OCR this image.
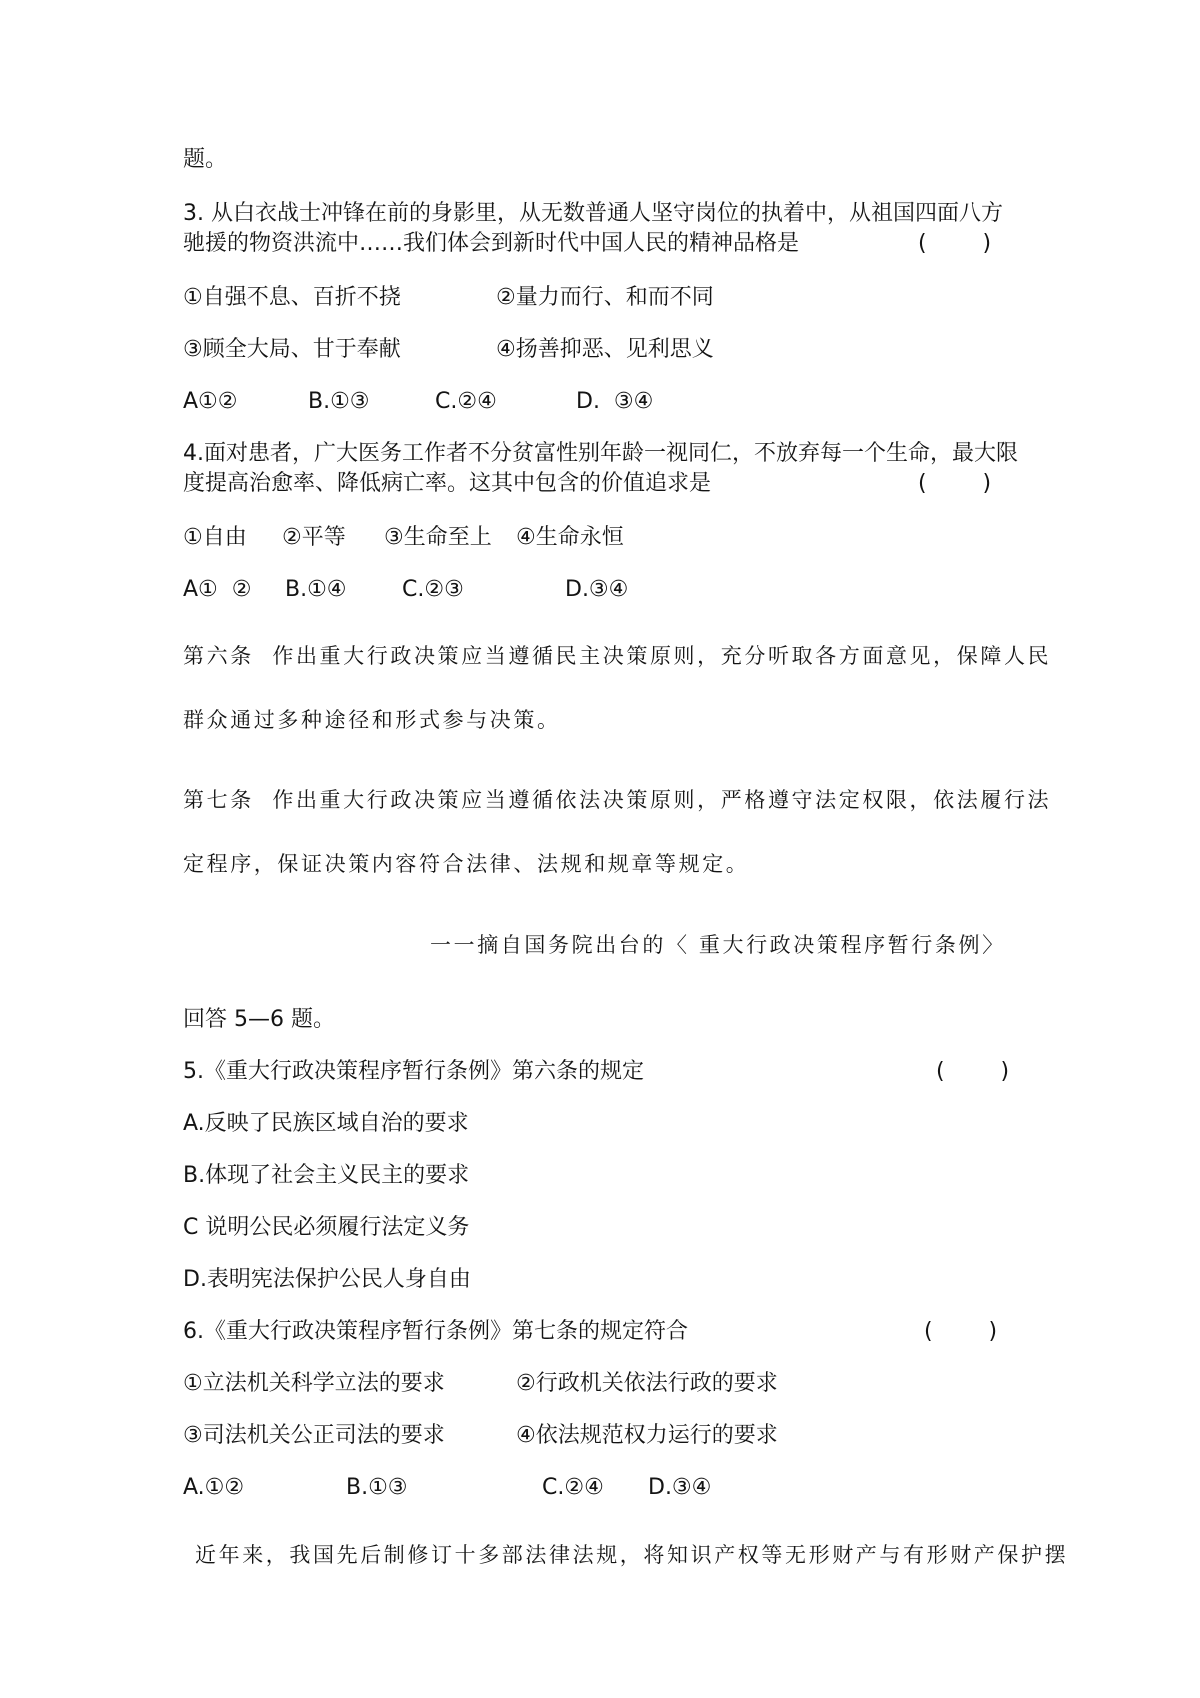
题。
3. 从白衣战士冲锋在前的身影里，从无数普通人坚守岗位的执着中，从祖国四面八方
驰援的物资洪流中……我们体会到新时代中国人民的精神品格是	(        )
①自强不息、百折不挠	②量力而行、和而不同
③顾全大局、甘于奉献	④扬善抑恶、见利思义
A①②	B.①③	C.②④	D.  ③④
4.面对患者，广大医务工作者不分贫富性别年龄一视同仁，不放弃每一个生命，最大限
度提高治愈率、降低病亡率。这其中包含的价值追求是	(        )
①自由 ②平等 ③生命至上 ④生命永恒
A①  ② B.①④	C.②③	D.③④
第六条  作出重大行政决策应当遵循民主决策原则，充分听取各方面意见，保障人民
群众通过多种途径和形式参与决策。
第七条  作出重大行政决策应当遵循依法决策原则，严格遵守法定权限，依法履行法
定程序，保证决策内容符合法律、法规和规章等规定。
一一摘自国务院出台的〈 重大行政决策程序暂行条例〉
回答 5—6 题。
5.《重大行政决策程序暂行条例》第六条的规定	(        )
A.反映了民族区域自治的要求
B.体现了社会主义民主的要求
C 说明公民必须履行法定义务
D.表明宪法保护公民人身自由
6.《重大行政决策程序暂行条例》第七条的规定符合	(        )
①立法机关科学立法的要求	②行政机关依法行政的要求
③司法机关公正司法的要求	④依法规范权力运行的要求
A.①②	B.①③	C.②④ D.③④
近年来，我国先后制修订十多部法律法规，将知识产权等无形财产与有形财产保护摆
